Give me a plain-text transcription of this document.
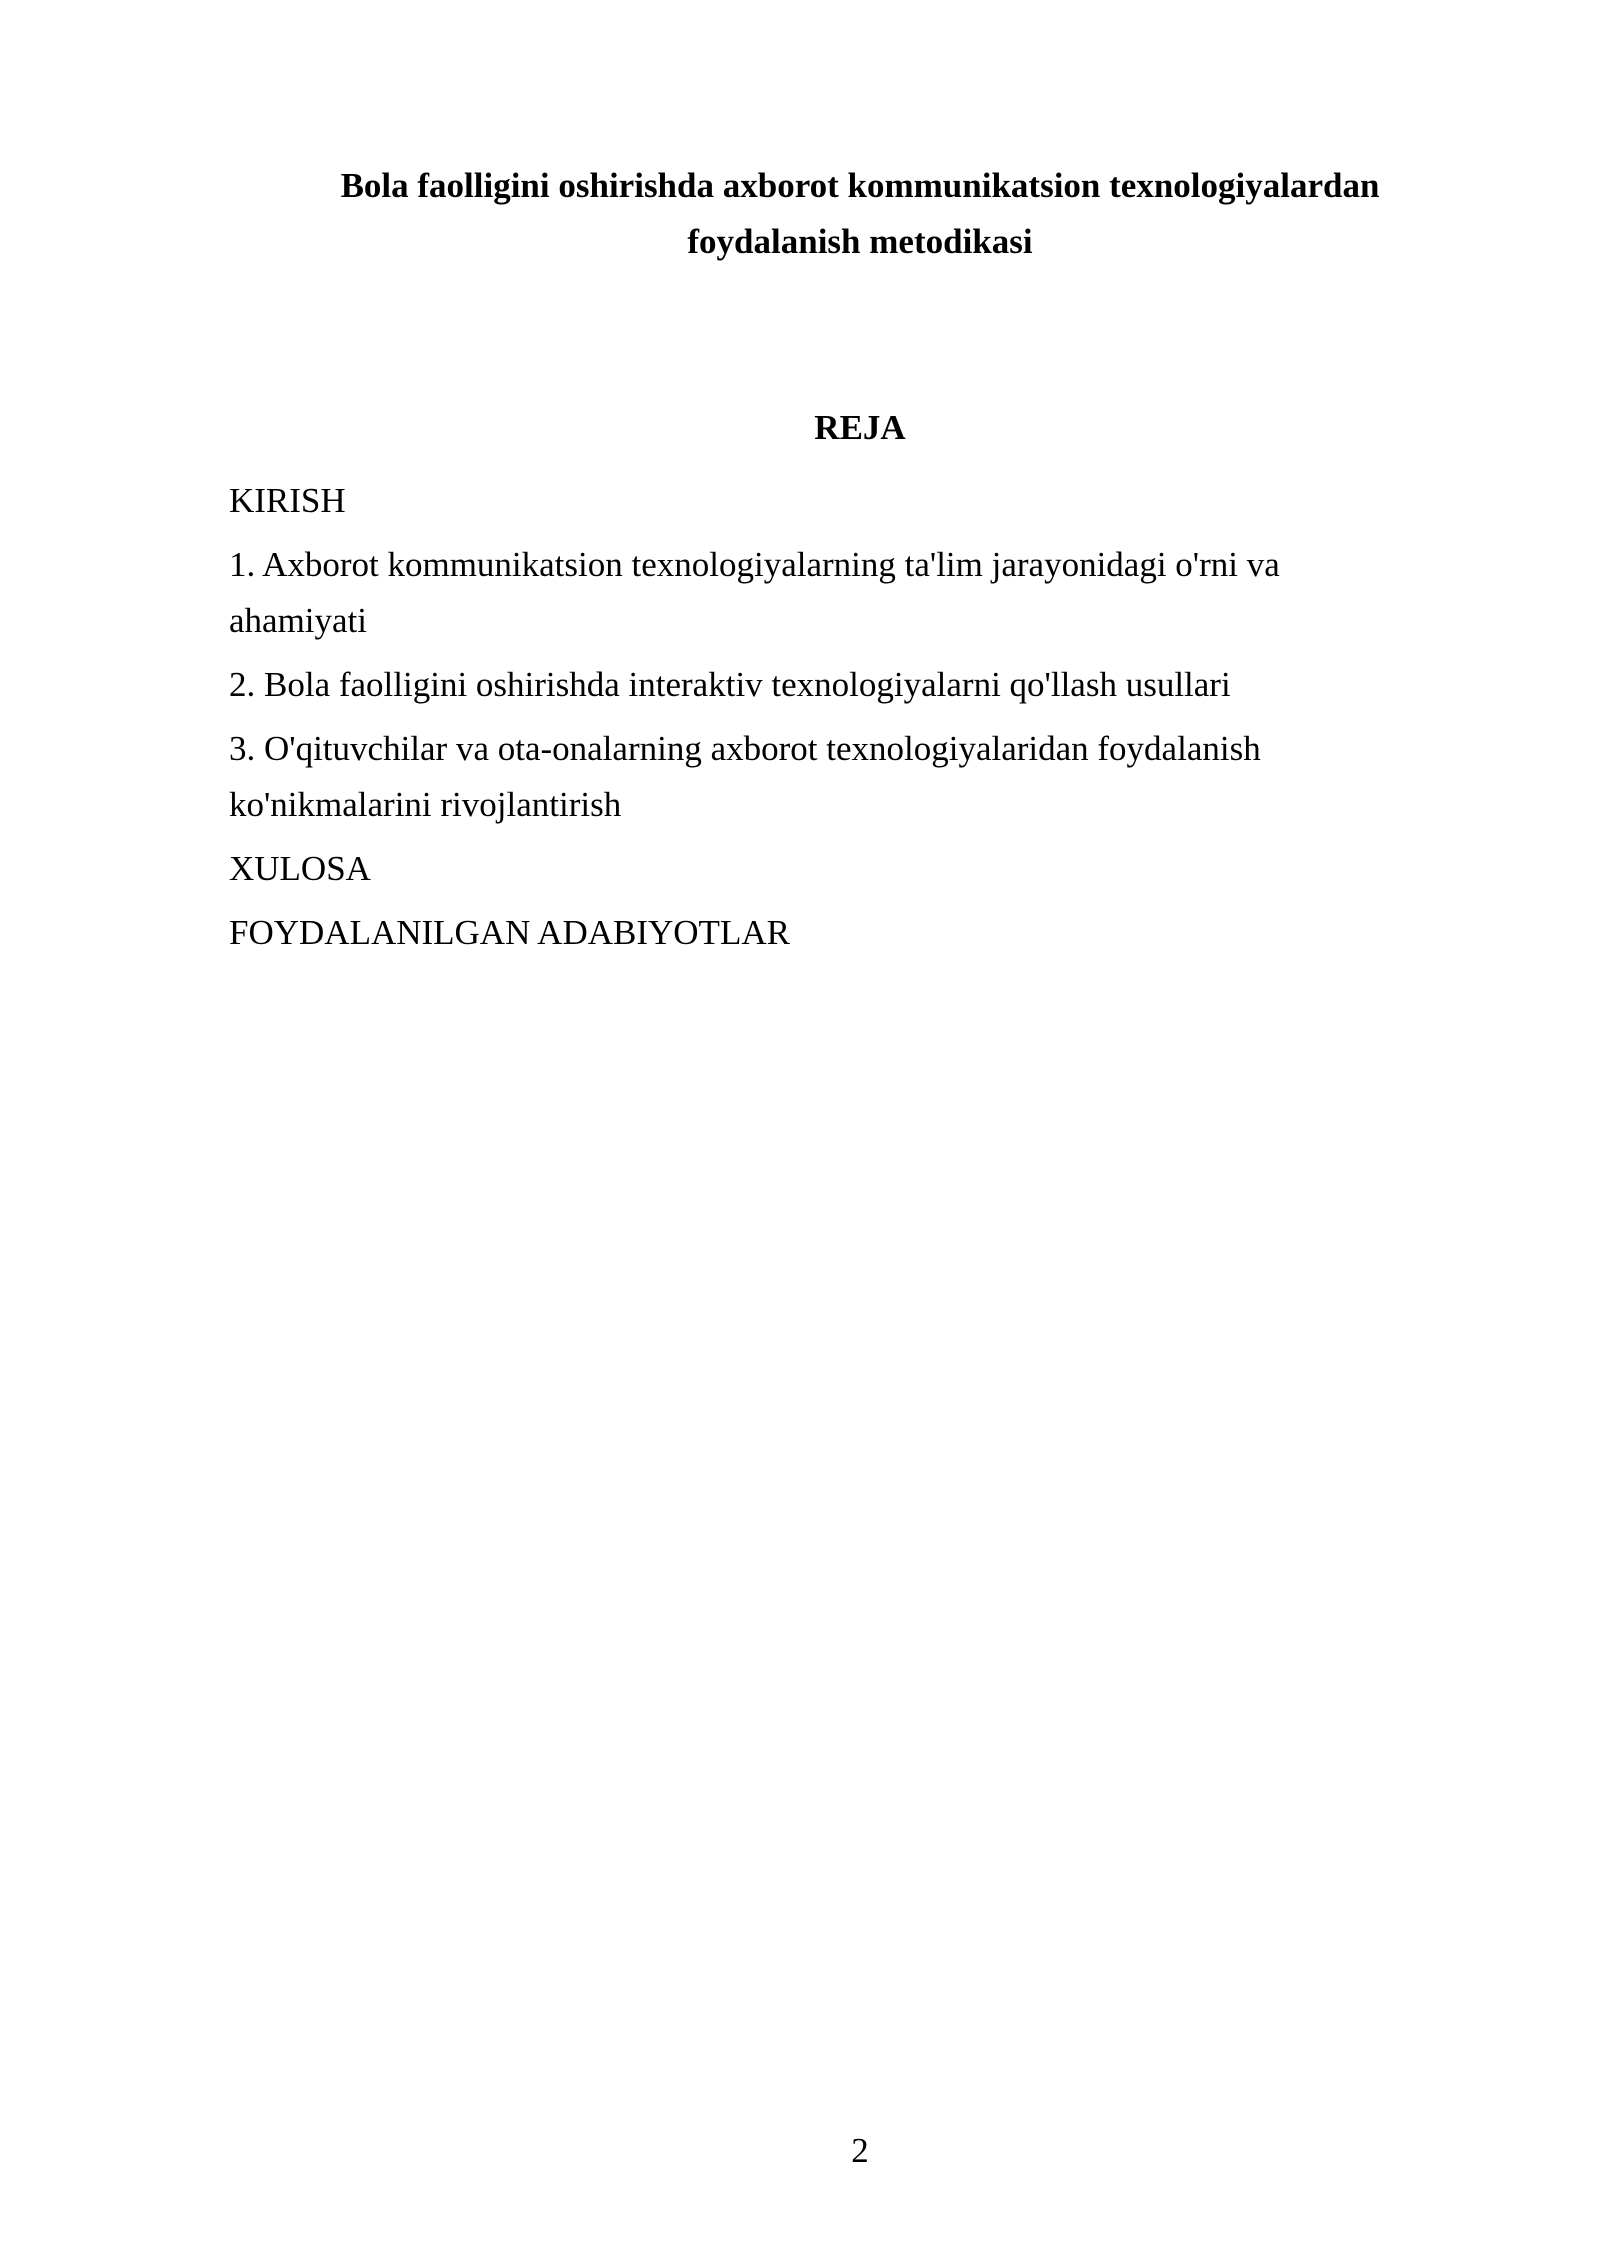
Bola faolligini oshirishda axborot kommunikatsion texnologiyalardan
foydalanish metodikasi
REJA
KIRISH
1. Axborot kommunikatsion texnologiyalarning ta'lim jarayonidagi o'rni va ahamiyati
2. Bola faolligini oshirishda interaktiv texnologiyalarni qo'llash usullari
3. O'qituvchilar va ota-onalarning axborot texnologiyalaridan foydalanish ko'nikmalarini rivojlantirish
XULOSA
FOYDALANILGAN ADABIYOTLAR
2
